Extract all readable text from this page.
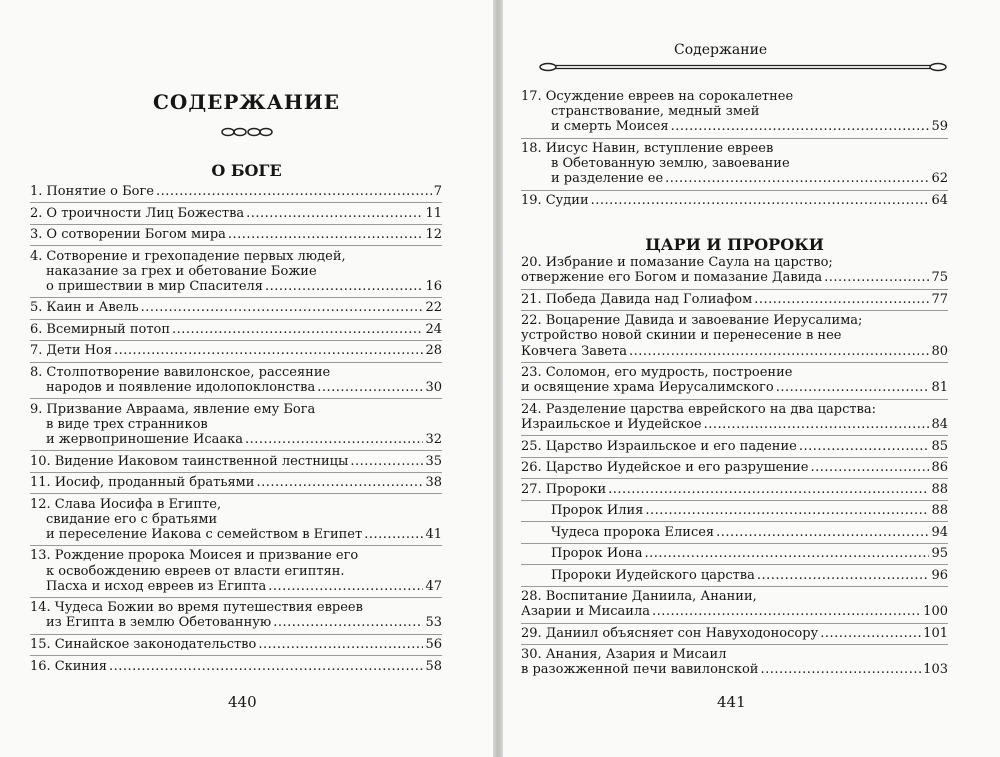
СОДЕРЖАНИЕ
О БОГЕ
1. Понятие о Боге .....	7
2. О троичности Лиц Божества .....	11
3. О сотворении Богом мира .....	12
4. Сотворение и грехопадение первых людей,
наказание за грех и обетование Божие
о пришествии в мир Спасителя .....	16
5. Каин и Авель .....	22
6. Всемирный потоп .....	24
7. Дети Ноя .....	28
8. Столпотворение вавилонское, рассеяние
народов и появление идолопоклонства .....	30
9. Призвание Авраама, явление ему Бога
в виде трех странников
и жервоприношение Исаака .....	32
10. Видение Иаковом таинственной лестницы .....	35
11. Иосиф, проданный братьями .....	38
12. Слава Иосифа в Египте,
свидание его с братьями
и переселение Иакова с семейством в Египет .....	41
13. Рождение пророка Моисея и призвание его
к освобождению евреев от власти египтян.
Пасха и исход евреев из Египта .....	47
14. Чудеса Божии во время путешествия евреев
из Египта в землю Обетованную .....	53
15. Синайское законодательство .....	56
16. Скиния .....	58
440
Содержание
17. Осуждение евреев на сорокалетнее
странствование, медный змей
и смерть Моисея .....	59
18. Иисус Навин, вступление евреев
в Обетованную землю, завоевание
и разделение ее .....	62
19. Судии .....	64
ЦАРИ И ПРОРОКИ
20. Избрание и помазание Саула на царство;
отвержение его Богом и помазание Давида .....	75
21. Победа Давида над Голиафом .....	77
22. Воцарение Давида и завоевание Иерусалима;
устройство новой скинии и перенесение в нее
Ковчега Завета .....	80
23. Соломон, его мудрость, построение
и освящение храма Иерусалимского .....	81
24. Разделение царства еврейского на два царства:
Израильское и Иудейское .....	84
25. Царство Израильское и его падение .....	85
26. Царство Иудейское и его разрушение .....	86
27. Пророки .....	88
Пророк Илия .....	88
Чудеса пророка Елисея .....	94
Пророк Иона .....	95
Пророки Иудейского царства .....	96
28. Воспитание Даниила, Анании,
Азарии и Мисаила .....	100
29. Даниил объясняет сон Навуходоносору .....	101
30. Анания, Азария и Мисаил
в разожженной печи вавилонской .....	103
441
